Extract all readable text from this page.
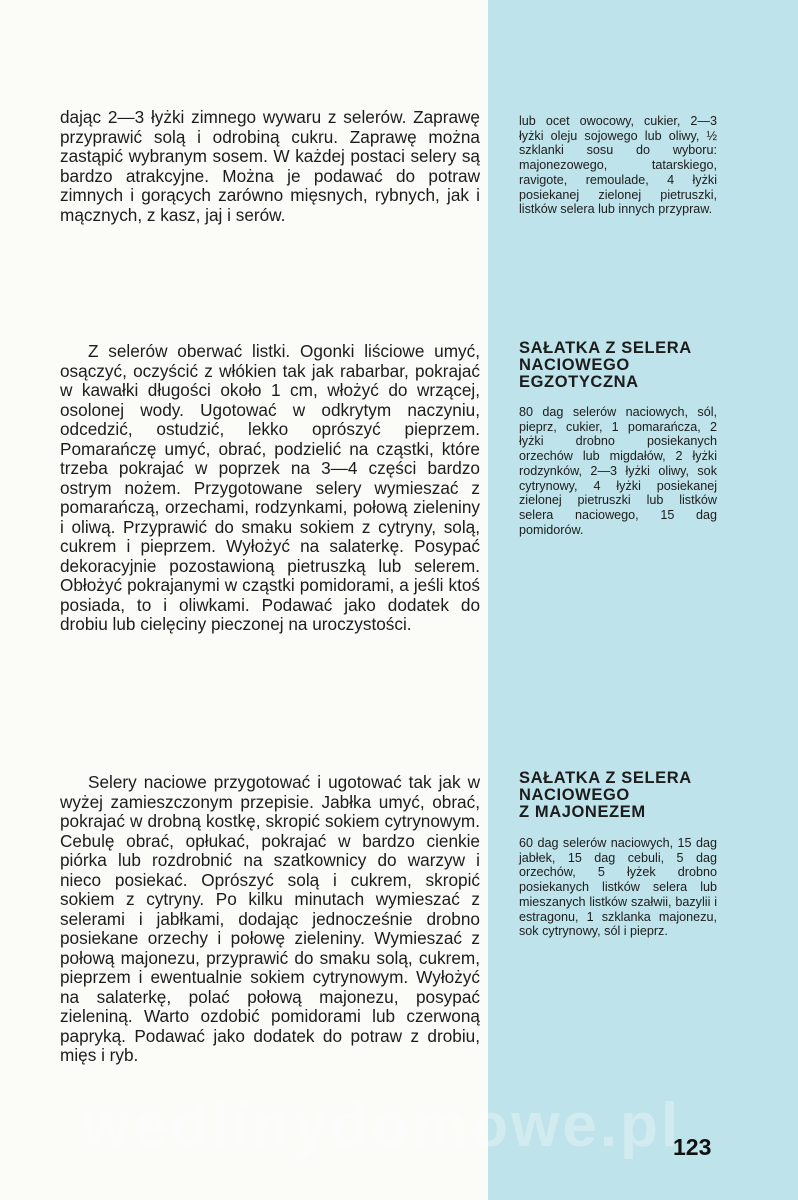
dając 2—3 łyżki zimnego wywaru z selerów. Zaprawę przyprawić solą i odrobiną cukru. Zaprawę można zastąpić wybranym sosem. W każdej postaci selery są bardzo atrakcyjne. Można je podawać do potraw zimnych i gorących zarówno mięsnych, rybnych, jak i mącznych, z kasz, jaj i serów.

Z selerów oberwać listki. Ogonki liściowe umyć, osączyć, oczyścić z włókien tak jak rabarbar, pokrajać w kawałki długości około 1 cm, włożyć do wrzącej, osolonej wody. Ugotować w odkrytym naczyniu, odcedzić, ostudzić, lekko oprószyć pieprzem. Pomarańczę umyć, obrać, podzielić na cząstki, które trzeba pokrajać w poprzek na 3—4 części bardzo ostrym nożem. Przygotowane selery wymieszać z pomarańczą, orzechami, rodzynkami, połową zieleniny i oliwą. Przyprawić do smaku sokiem z cytryny, solą, cukrem i pieprzem. Wyłożyć na salaterkę. Posypać dekoracyjnie pozostawioną pietruszką lub selerem. Obłożyć pokrajanymi w cząstki pomidorami, a jeśli ktoś posiada, to i oliwkami. Podawać jako dodatek do drobiu lub cielęciny pieczonej na uroczystości.

Selery naciowe przygotować i ugotować tak jak w wyżej zamieszczonym przepisie. Jabłka umyć, obrać, pokrajać w drobną kostkę, skropić sokiem cytrynowym. Cebulę obrać, opłukać, pokrajać w bardzo cienkie piórka lub rozdrobnić na szatkownicy do warzyw i nieco posiekać. Oprószyć solą i cukrem, skropić sokiem z cytryny. Po kilku minutach wymieszać z selerami i jabłkami, dodając jednocześnie drobno posiekane orzechy i połowę zieleniny. Wymieszać z połową majonezu, przyprawić do smaku solą, cukrem, pieprzem i ewentualnie sokiem cytrynowym. Wyłożyć na salaterkę, polać połową majonezu, posypać zieleniną. Warto ozdobić pomidorami lub czerwoną papryką. Podawać jako dodatek do potraw z drobiu, mięs i ryb.

lub ocet owocowy, cukier, 2—3 łyżki oleju sojowego lub oliwy, ½ szklanki sosu do wyboru: majonezowego, tatarskiego, ravigote, remoulade, 4 łyżki posiekanej zielonej pietruszki, listków selera lub innych przypraw.

SAŁATKA Z SELERA
NACIOWEGO
EGZOTYCZNA

80 dag selerów naciowych, sól, pieprz, cukier, 1 pomarańcza, 2 łyżki drobno posiekanych orzechów lub migdałów, 2 łyżki rodzynków, 2—3 łyżki oliwy, sok cytrynowy, 4 łyżki posiekanej zielonej pietruszki lub listków selera naciowego, 15 dag pomidorów.

SAŁATKA Z SELERA
NACIOWEGO
Z MAJONEZEM

60 dag selerów naciowych, 15 dag jabłek, 15 dag cebuli, 5 dag orzechów, 5 łyżek drobno posiekanych listków selera lub mieszanych listków szałwii, bazylii i estragonu, 1 szklanka majonezu, sok cytrynowy, sól i pieprz.

wedlinydomowe.pl
123
